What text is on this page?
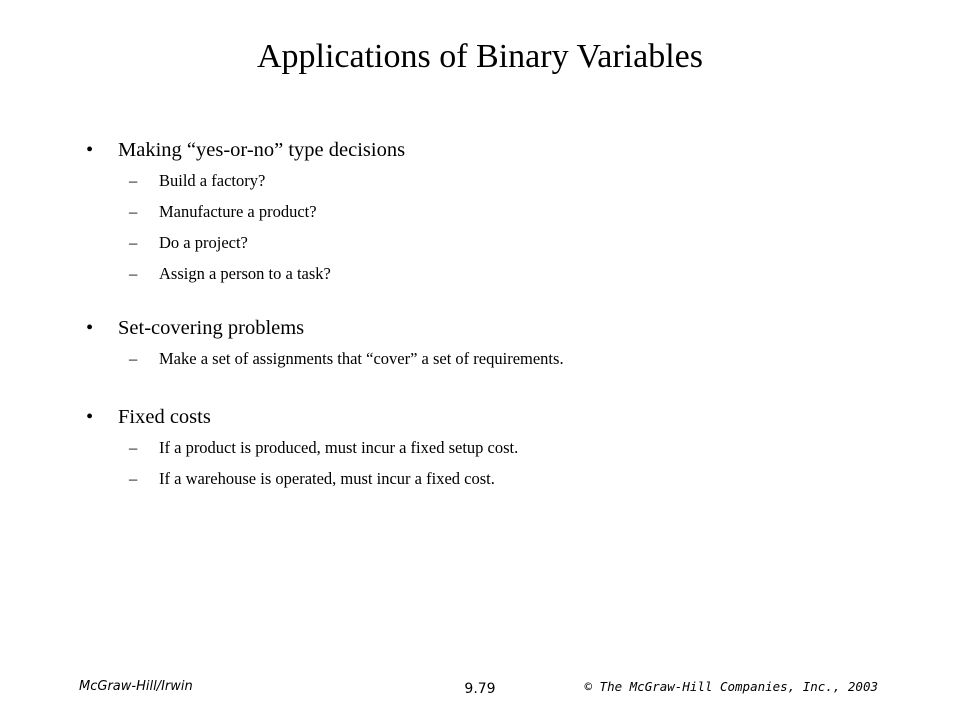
Applications of Binary Variables
• Making “yes-or-no” type decisions
– Build a factory?
– Manufacture a product?
– Do a project?
– Assign a person to a task?
• Set-covering problems
– Make a set of assignments that “cover” a set of requirements.
• Fixed costs
– If a product is produced, must incur a fixed setup cost.
– If a warehouse is operated, must incur a fixed cost.
McGraw-Hill/Irwin	9.79	© The McGraw-Hill Companies, Inc., 2003
